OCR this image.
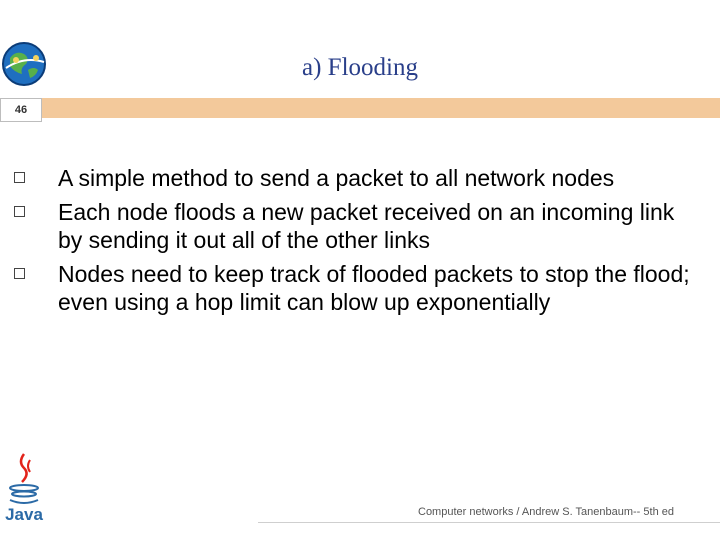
a) Flooding
46
A simple method to send a packet to all network nodes
Each node floods a new packet received on an incoming link by sending it out all of the other links
Nodes need to keep track of flooded packets to stop the flood; even using a hop limit can blow up exponentially
Java	Computer networks / Andrew S. Tanenbaum-- 5th ed
